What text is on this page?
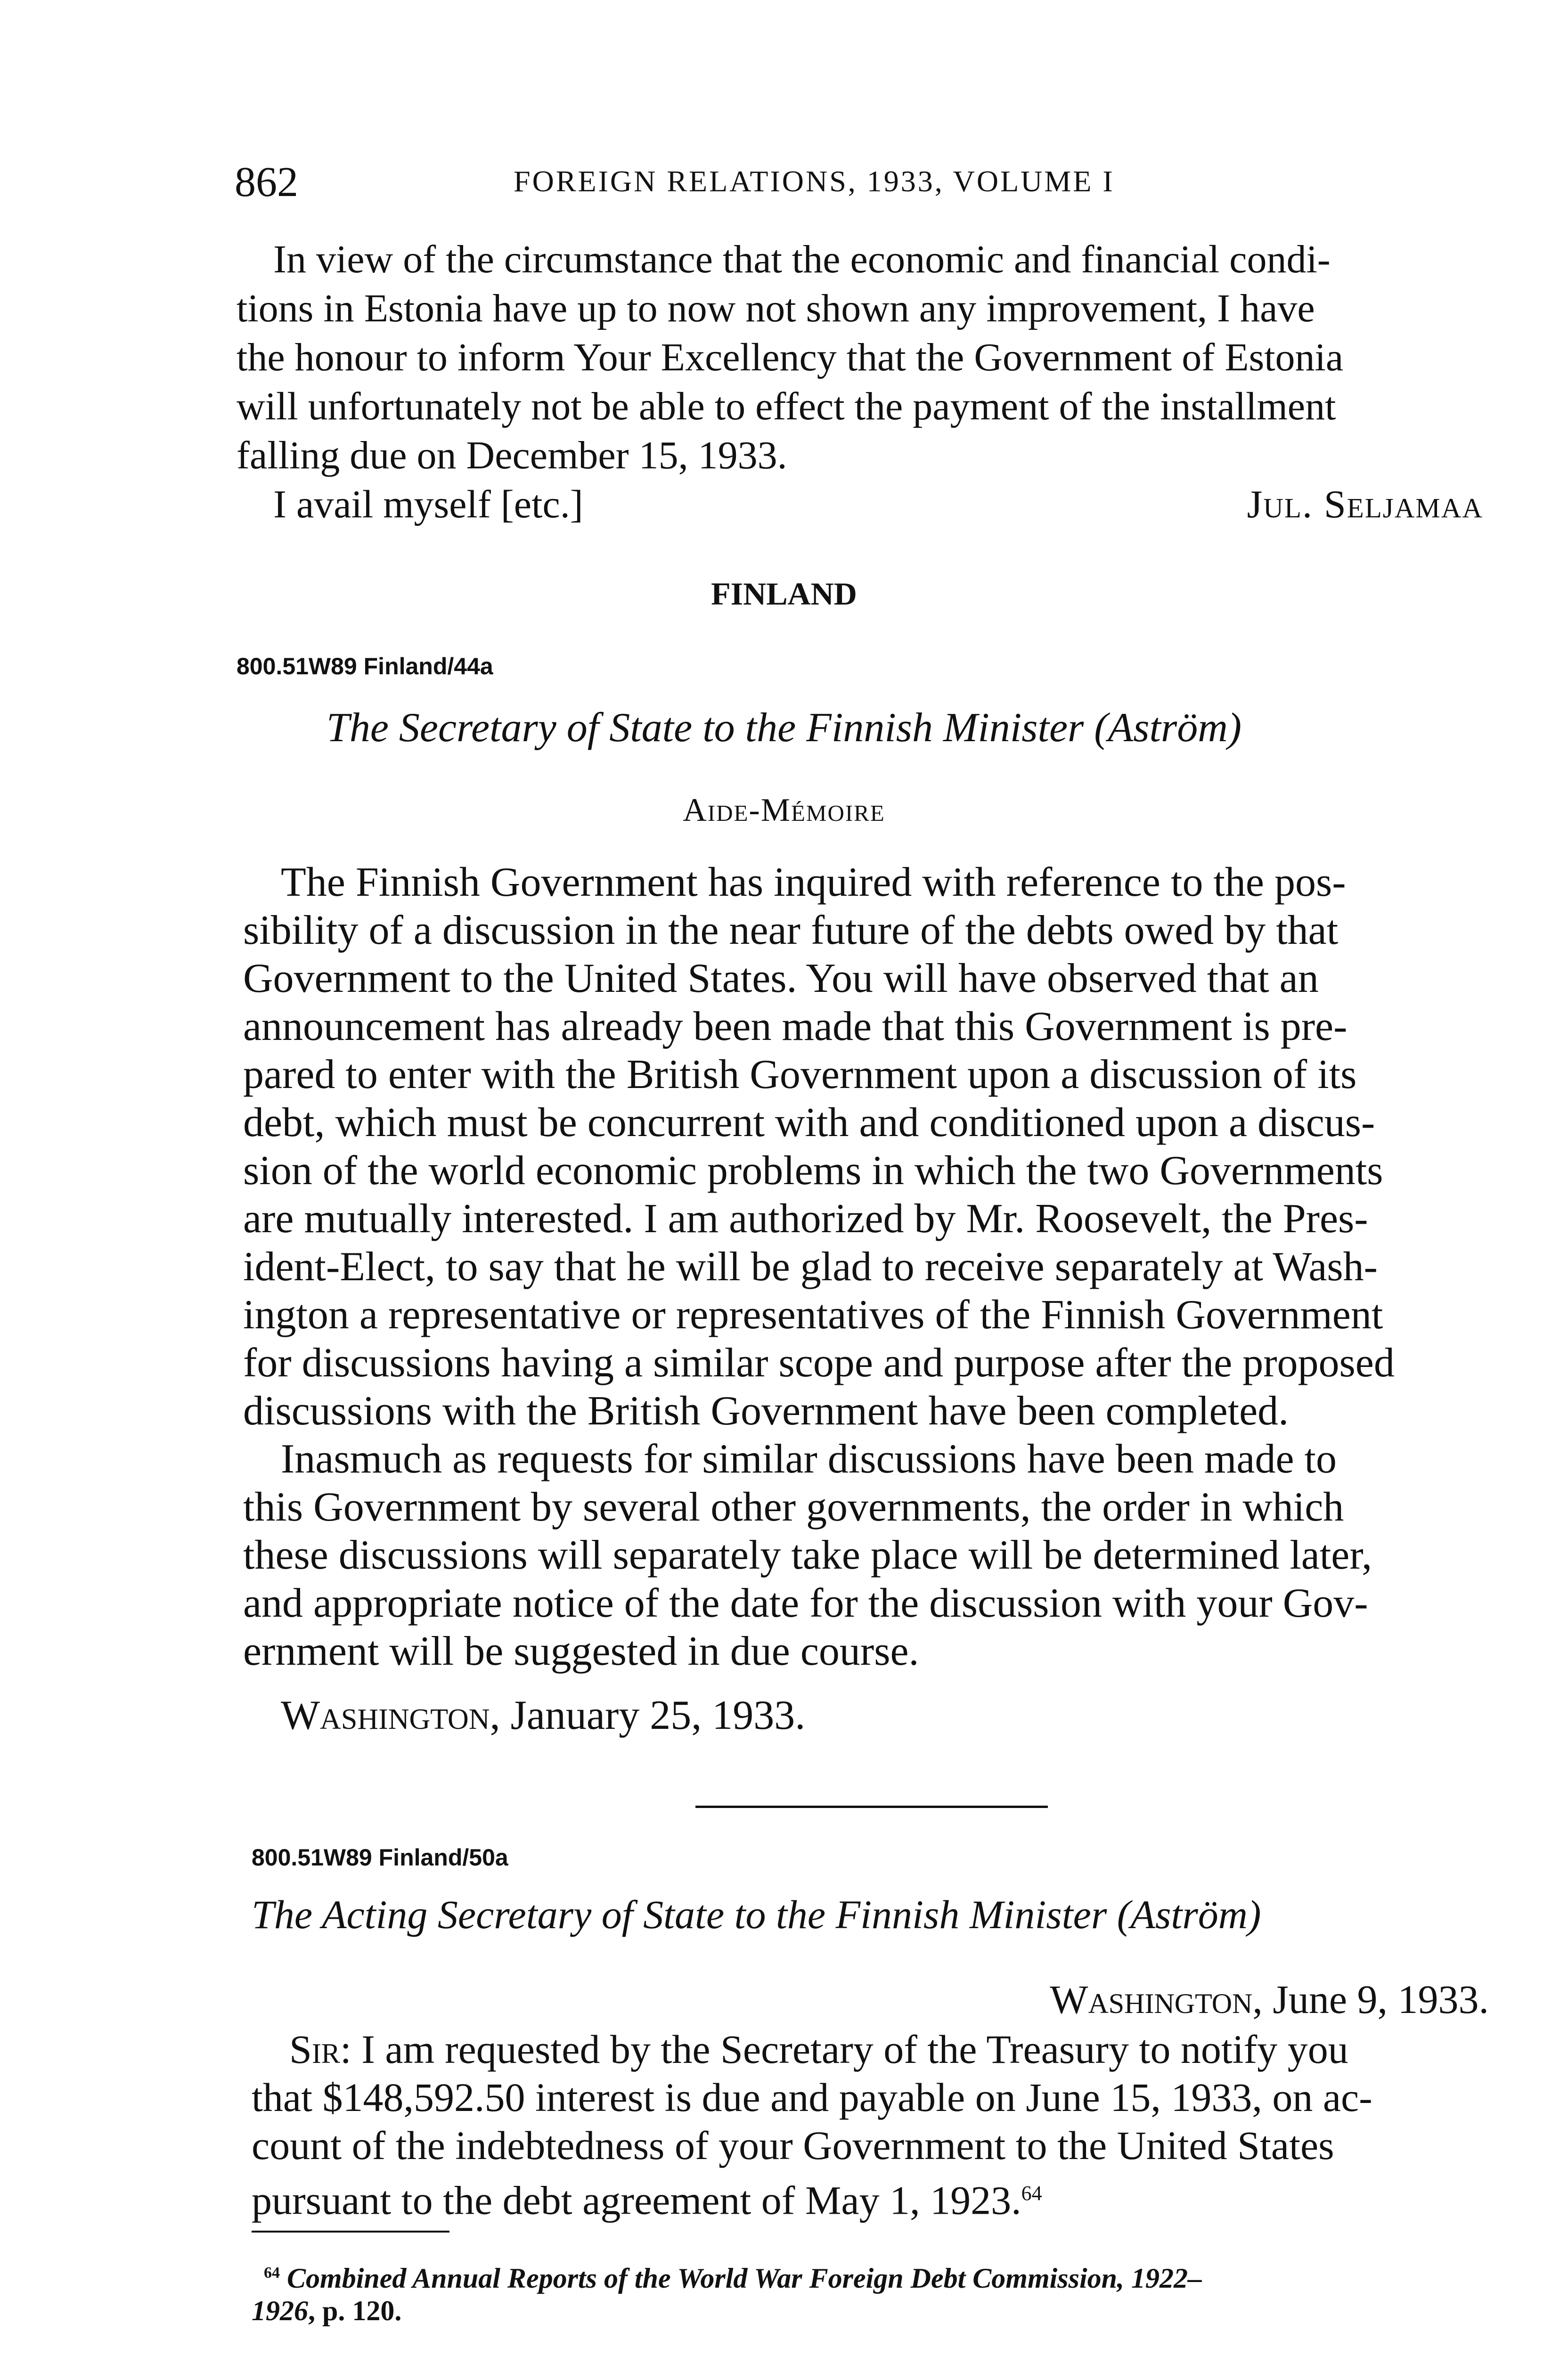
862	FOREIGN RELATIONS, 1933, VOLUME I
In view of the circumstance that the economic and financial condi-
tions in Estonia have up to now not shown any improvement, I have
the honour to inform Your Excellency that the Government of Estonia
will unfortunately not be able to effect the payment of the installment
falling due on December 15, 1933.
I avail myself [etc.]	Jul. Seljamaa
FINLAND
800.51W89 Finland/44a
The Secretary of State to the Finnish Minister (Aström)
Aide-Mémoire
The Finnish Government has inquired with reference to the pos-
sibility of a discussion in the near future of the debts owed by that
Government to the United States. You will have observed that an
announcement has already been made that this Government is pre-
pared to enter with the British Government upon a discussion of its
debt, which must be concurrent with and conditioned upon a discus-
sion of the world economic problems in which the two Governments
are mutually interested. I am authorized by Mr. Roosevelt, the Pres-
ident-Elect, to say that he will be glad to receive separately at Wash-
ington a representative or representatives of the Finnish Government
for discussions having a similar scope and purpose after the proposed
discussions with the British Government have been completed.
Inasmuch as requests for similar discussions have been made to
this Government by several other governments, the order in which
these discussions will separately take place will be determined later,
and appropriate notice of the date for the discussion with your Gov-
ernment will be suggested in due course.
Washington, January 25, 1933.
800.51W89 Finland/50a
The Acting Secretary of State to the Finnish Minister (Aström)
Washington, June 9, 1933.
Sir: I am requested by the Secretary of the Treasury to notify you
that $148,592.50 interest is due and payable on June 15, 1933, on ac-
count of the indebtedness of your Government to the United States
pursuant to the debt agreement of May 1, 1923.64
$^{64}$ Combined Annual Reports of the World War Foreign Debt Commission, 1922–
1926, p. 120.
